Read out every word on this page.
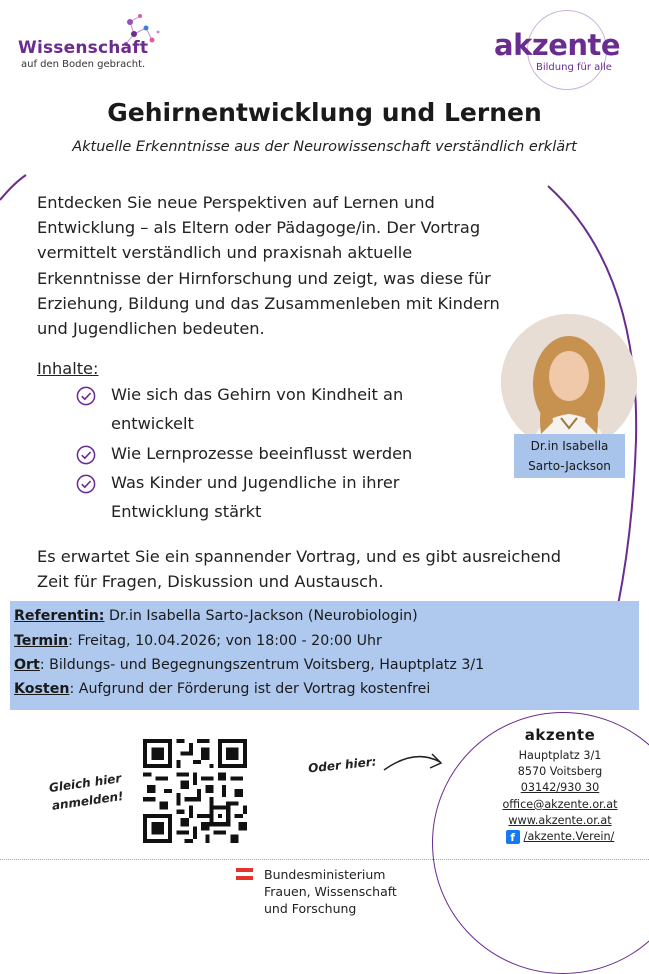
Wissenschaft
auf den Boden gebracht.
akzente
Bildung für alle
Gehirnentwicklung und Lernen
Aktuelle Erkenntnisse aus der Neurowissenschaft verständlich erklärt
Entdecken Sie neue Perspektiven auf Lernen und
Entwicklung – als Eltern oder Pädagoge/in. Der Vortrag
vermittelt verständlich und praxisnah aktuelle
Erkenntnisse der Hirnforschung und zeigt, was diese für
Erziehung, Bildung und das Zusammenleben mit Kindern
und Jugendlichen bedeuten.
Inhalte:
Wie sich das Gehirn von Kindheit an
entwickelt
Wie Lernprozesse beeinflusst werden
Was Kinder und Jugendliche in ihrer
Entwicklung stärkt
Dr.in Isabella
Sarto-Jackson
Es erwartet Sie ein spannender Vortrag, und es gibt ausreichend
Zeit für Fragen, Diskussion und Austausch.
Referentin: Dr.in Isabella Sarto-Jackson (Neurobiologin)
Termin: Freitag, 10.04.2026; von 18:00 - 20:00 Uhr
Ort: Bildungs- und Begegnungszentrum Voitsberg, Hauptplatz 3/1
Kosten: Aufgrund der Förderung ist der Vortrag kostenfrei
Gleich hier
anmelden!
Oder hier:
akzente
Hauptplatz 3/1
8570 Voitsberg
03142/930 30
office@akzente.or.at
www.akzente.or.at
f /akzente.Verein/
Bundesministerium
Frauen, Wissenschaft
und Forschung
